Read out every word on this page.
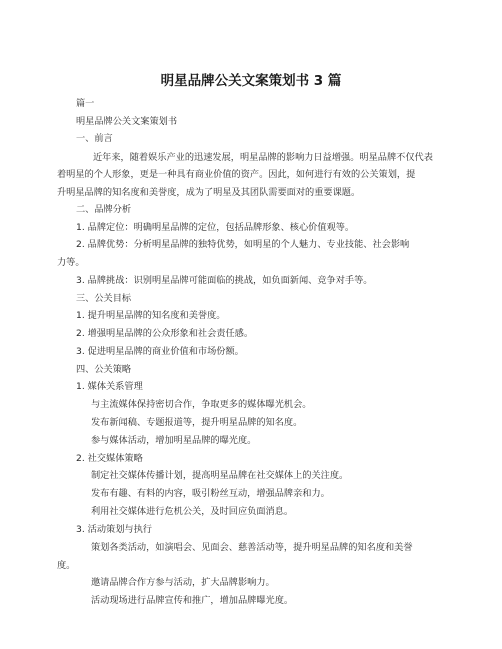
明星品牌公关文案策划书 3 篇
篇一
明星品牌公关文案策划书
一、前言
近年来，随着娱乐产业的迅速发展，明星品牌的影响力日益增强。明星品牌不仅代表
着明星的个人形象，更是一种具有商业价值的资产。因此，如何进行有效的公关策划，提
升明星品牌的知名度和美誉度，成为了明星及其团队需要面对的重要课题。
二、品牌分析
1. 品牌定位：明确明星品牌的定位，包括品牌形象、核心价值观等。
2. 品牌优势：分析明星品牌的独特优势，如明星的个人魅力、专业技能、社会影响
力等。
3. 品牌挑战：识别明星品牌可能面临的挑战，如负面新闻、竞争对手等。
三、公关目标
1. 提升明星品牌的知名度和美誉度。
2. 增强明星品牌的公众形象和社会责任感。
3. 促进明星品牌的商业价值和市场份额。
四、公关策略
1. 媒体关系管理
与主流媒体保持密切合作，争取更多的媒体曝光机会。
发布新闻稿、专题报道等，提升明星品牌的知名度。
参与媒体活动，增加明星品牌的曝光度。
2. 社交媒体策略
制定社交媒体传播计划，提高明星品牌在社交媒体上的关注度。
发布有趣、有料的内容，吸引粉丝互动，增强品牌亲和力。
利用社交媒体进行危机公关，及时回应负面消息。
3. 活动策划与执行
策划各类活动，如演唱会、见面会、慈善活动等，提升明星品牌的知名度和美誉
度。
邀请品牌合作方参与活动，扩大品牌影响力。
活动现场进行品牌宣传和推广，增加品牌曝光度。
